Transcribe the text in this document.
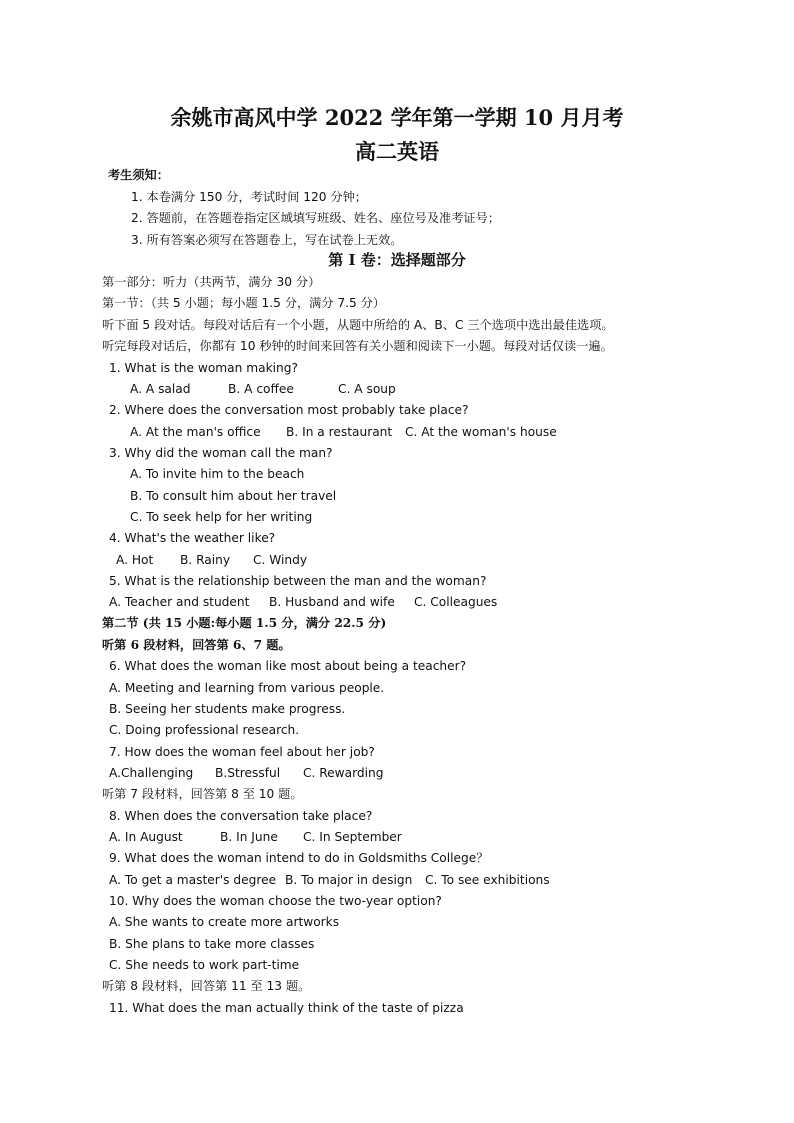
余姚市高风中学 2022 学年第一学期 10 月月考
高二英语
考生须知：
1. 本卷满分 150 分，考试时间 120 分钟；
2. 答题前，在答题卷指定区域填写班级、姓名、座位号及准考证号；
3. 所有答案必须写在答题卷上，写在试卷上无效。
第 I 卷：选择题部分
第一部分：听力（共两节，满分 30 分）
第一节：（共 5 小题；每小题 1.5 分，满分 7.5 分）
听下面 5 段对话。每段对话后有一个小题，从题中所给的 A、B、C 三个选项中选出最佳选项。
听完每段对话后，你都有 10 秒钟的时间来回答有关小题和阅读下一小题。每段对话仅读一遍。
1. What is the woman making?
A. A salad	B. A coffee	C. A soup
2. Where does the conversation most probably take place?
A. At the man's office B. In a restaurant C. At the woman's house
3. Why did the woman call the man?
A. To invite him to the beach
B. To consult him about her travel
C. To seek help for her writing
4. What's the weather like?
A. Hot B. Rainy C. Windy
5. What is the relationship between the man and the woman?
A. Teacher and student B. Husband and wife C. Colleagues
第二节 (共 15 小题:每小题 1.5 分，满分 22.5 分)
听第 6 段材料，回答第 6、7 题。
6. What does the woman like most about being a teacher?
A. Meeting and learning from various people.
B. Seeing her students make progress.
C. Doing professional research.
7. How does the woman feel about her job?
A.Challenging B.Stressful C. Rewarding
听第 7 段材料，回答第 8 至 10 题。
8. When does the conversation take place?
A. In August	B. In June C. In September
9. What does the woman intend to do in Goldsmiths College？
A. To get a master's degree B. To major in design C. To see exhibitions
10. Why does the woman choose the two-year option?
A. She wants to create more artworks
B. She plans to take more classes
C. She needs to work part-time
听第 8 段材料，回答第 11 至 13 题。
11. What does the man actually think of the taste of pizza
